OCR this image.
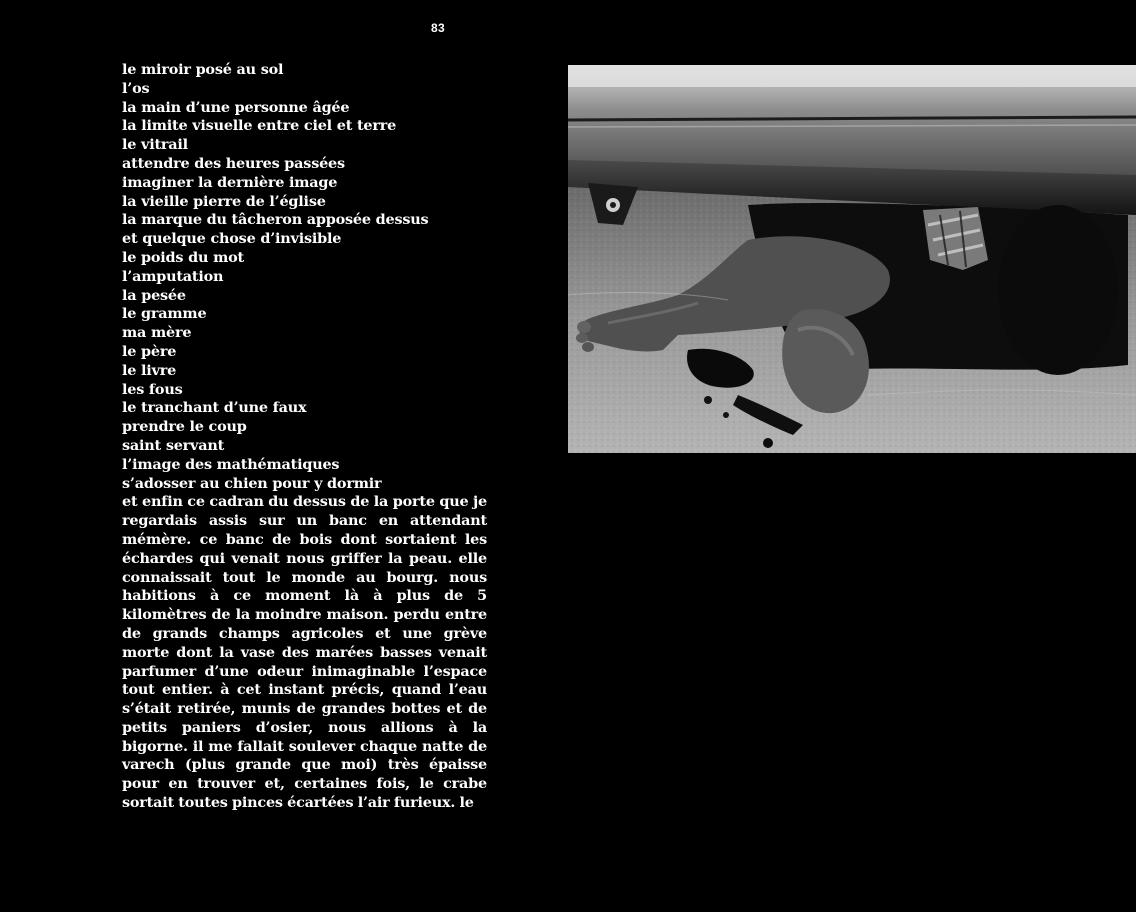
83
le miroir posé au sol
l’os
la main d’une personne âgée
la limite visuelle entre ciel et terre
le vitrail
attendre des heures passées
imaginer la dernière image
la vieille pierre de l’église
la marque du tâcheron apposée dessus
et quelque chose d’invisible
le poids du mot
l’amputation
la pesée
le gramme
ma mère
le père
le livre
les fous
le tranchant d’une faux
prendre le coup
saint servant
l’image des mathématiques
s’adosser au chien pour y dormir

et enfin ce cadran du dessus de la porte que je regardais assis sur un banc en attendant mémère. ce banc de bois dont sortaient les échardes qui venait nous griffer la peau. elle connaissait tout le monde au bourg. nous habitions à ce moment là à plus de 5 kilomètres de la moindre maison. perdu entre de grands champs agricoles et une grève morte dont la vase des marées basses venait parfumer d’une odeur inimaginable l’espace tout entier. à cet instant précis, quand l’eau s’était retirée, munis de grandes bottes et de petits paniers d’osier, nous allions à la bigorne. il me fallait soulever chaque natte de varech (plus grande que moi) très épaisse pour en trouver et, certaines fois, le crabe sortait toutes pinces écartées l’air furieux. le
